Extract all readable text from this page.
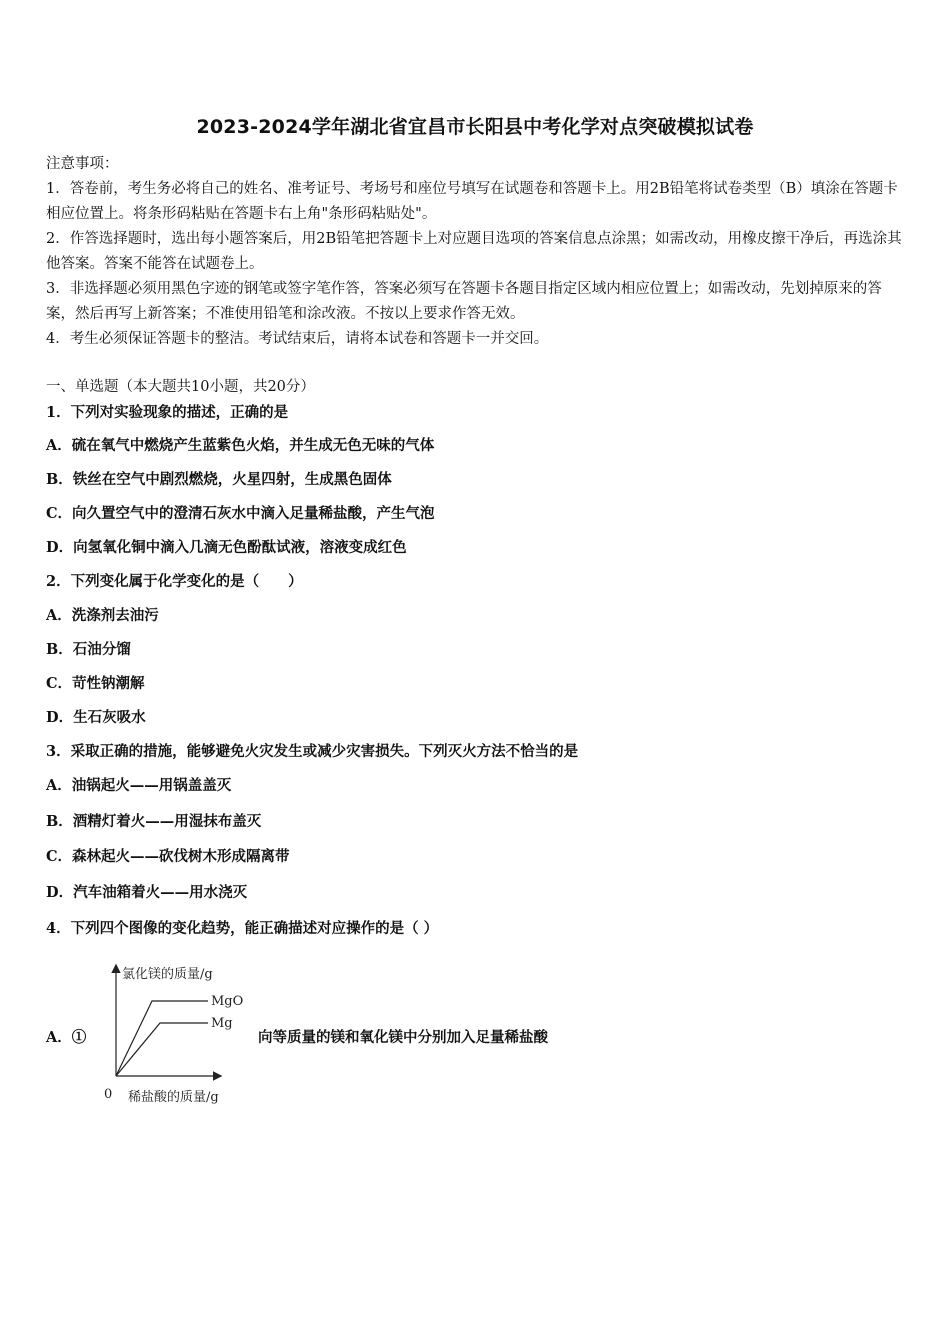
2023-2024学年湖北省宜昌市长阳县中考化学对点突破模拟试卷

注意事项：

1．答卷前，考生务必将自己的姓名、准考证号、考场号和座位号填写在试题卷和答题卡上。用2B铅笔将试卷类型（B）填涂在答题卡相应位置上。将条形码粘贴在答题卡右上角"条形码粘贴处"。

2．作答选择题时，选出每小题答案后，用2B铅笔把答题卡上对应题目选项的答案信息点涂黑；如需改动，用橡皮擦干净后，再选涂其他答案。答案不能答在试题卷上。

3．非选择题必须用黑色字迹的钢笔或签字笔作答，答案必须写在答题卡各题目指定区域内相应位置上；如需改动，先划掉原来的答案，然后再写上新答案；不准使用铅笔和涂改液。不按以上要求作答无效。

4．考生必须保证答题卡的整洁。考试结束后，请将本试卷和答题卡一并交回。

一、单选题（本大题共10小题，共20分）
1．下列对实验现象的描述，正确的是
A．硫在氧气中燃烧产生蓝紫色火焰，并生成无色无味的气体
B．铁丝在空气中剧烈燃烧，火星四射，生成黑色固体
C．向久置空气中的澄清石灰水中滴入足量稀盐酸，产生气泡
D．向氢氧化铜中滴入几滴无色酚酞试液，溶液变成红色
2．下列变化属于化学变化的是（　　）
A．洗涤剂去油污
B．石油分馏
C．苛性钠潮解
D．生石灰吸水
3．采取正确的措施，能够避免火灾发生或减少灾害损失。下列灭火方法不恰当的是
A．油锅起火——用锅盖盖灭
B．酒精灯着火——用湿抹布盖灭
C．森林起火——砍伐树木形成隔离带
D．汽车油箱着火——用水浇灭
4．下列四个图像的变化趋势，能正确描述对应操作的是（ ）
A．①
氯化镁的质量/g
MgO
Mg
0 稀盐酸的质量/g
向等质量的镁和氧化镁中分别加入足量稀盐酸
